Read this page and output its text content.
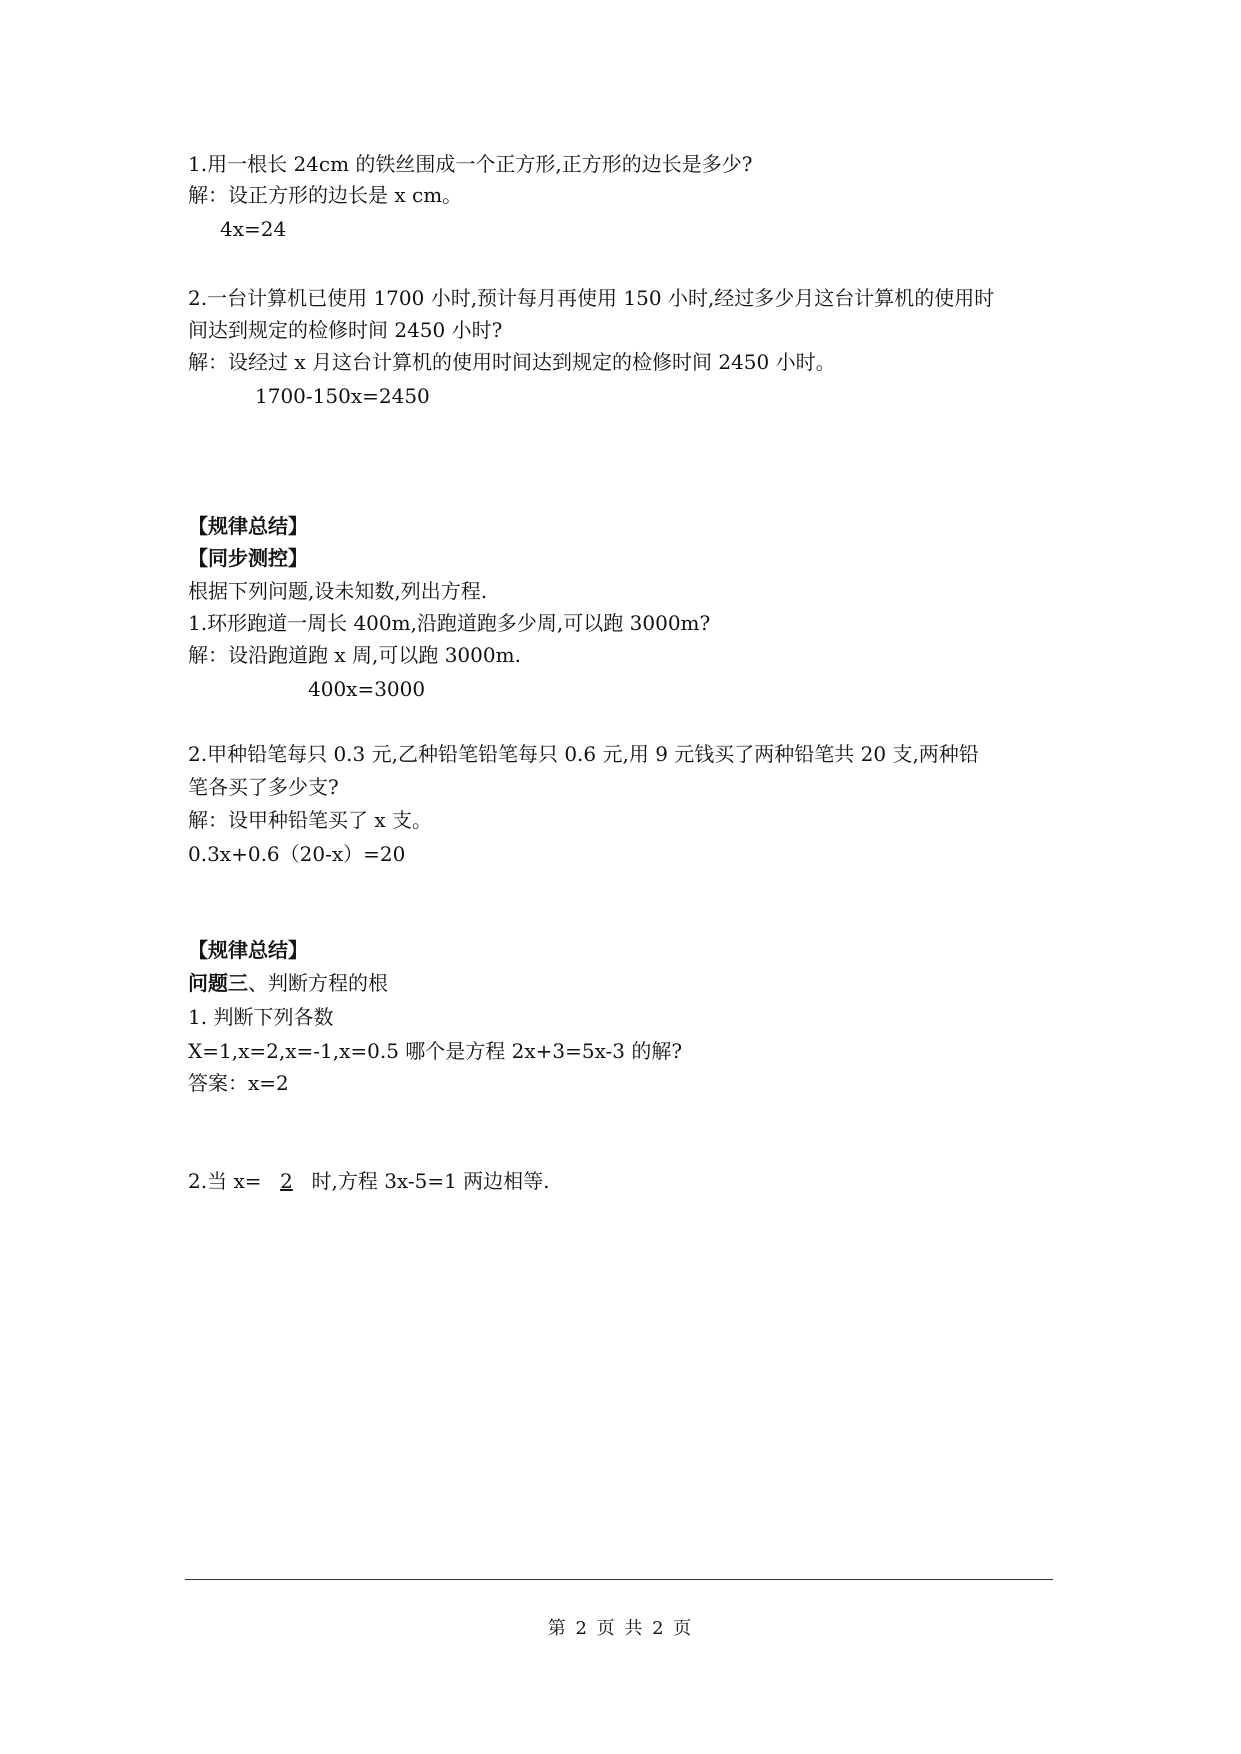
1.用一根长 24cm 的铁丝围成一个正方形,正方形的边长是多少?
解：设正方形的边长是 x cm。
4x=24
2.一台计算机已使用 1700 小时,预计每月再使用 150 小时,经过多少月这台计算机的使用时
间达到规定的检修时间 2450 小时?
解：设经过 x 月这台计算机的使用时间达到规定的检修时间 2450 小时。
1700-150x=2450
【规律总结】
【同步测控】
根据下列问题,设未知数,列出方程.
1.环形跑道一周长 400m,沿跑道跑多少周,可以跑 3000m?
解：设沿跑道跑 x 周,可以跑 3000m.
400x=3000
2.甲种铅笔每只 0.3 元,乙种铅笔铅笔每只 0.6 元,用 9 元钱买了两种铅笔共 20 支,两种铅
笔各买了多少支?
解：设甲种铅笔买了 x 支。
0.3x+0.6（20-x）=20
【规律总结】
问题三、判断方程的根
1. 判断下列各数
X=1,x=2,x=-1,x=0.5 哪个是方程 2x+3=5x-3 的解?
答案：x=2
2.当 x= 2 时,方程 3x-5=1 两边相等.
第 2 页 共 2 页
